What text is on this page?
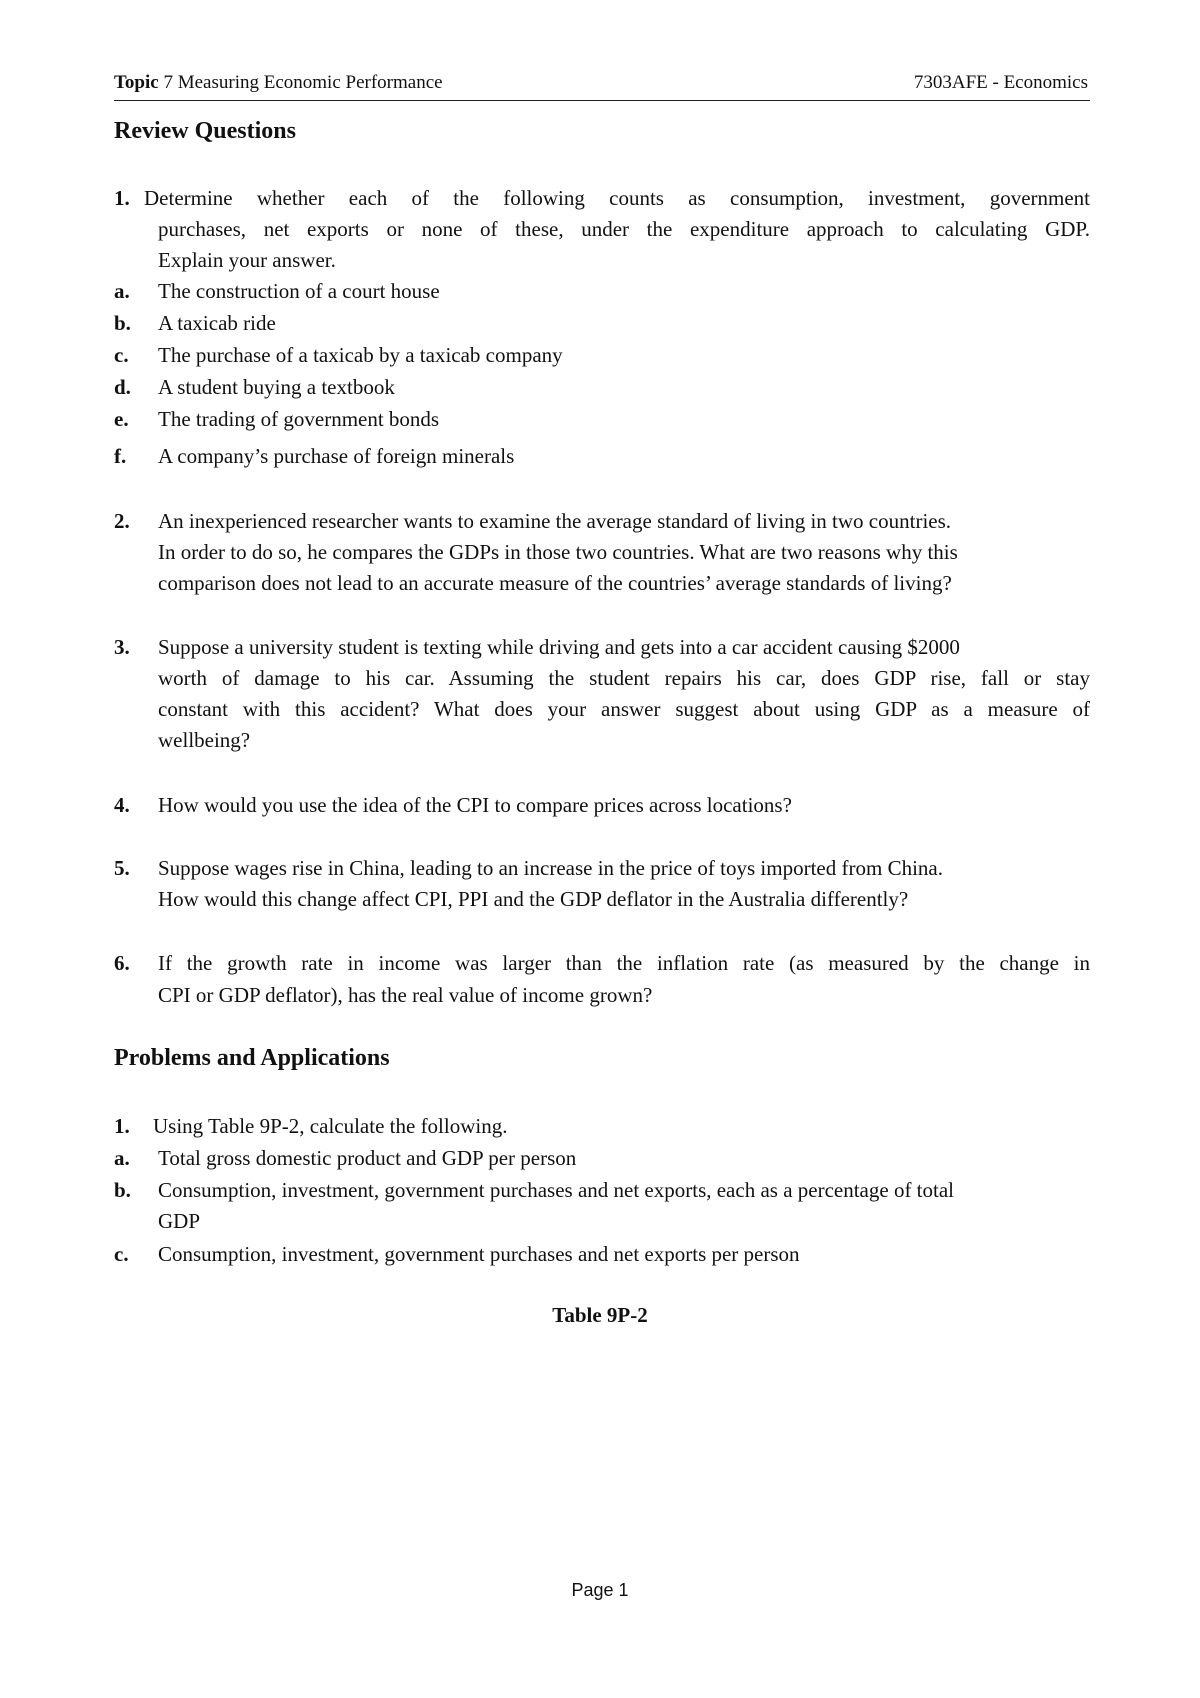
Topic 7 Measuring Economic Performance	7303AFE - Economics
Review Questions
1. Determine whether each of the following counts as consumption, investment, government
purchases, net exports or none of these, under the expenditure approach to calculating GDP.
Explain your answer.
a. The construction of a court house
b. A taxicab ride
c. The purchase of a taxicab by a taxicab company
d. A student buying a textbook
e. The trading of government bonds
f. A company’s purchase of foreign minerals
2. An inexperienced researcher wants to examine the average standard of living in two countries.
In order to do so, he compares the GDPs in those two countries. What are two reasons why this
comparison does not lead to an accurate measure of the countries’ average standards of living?
3. Suppose a university student is texting while driving and gets into a car accident causing $2000
worth of damage to his car. Assuming the student repairs his car, does GDP rise, fall or stay
constant with this accident? What does your answer suggest about using GDP as a measure of
wellbeing?
4. How would you use the idea of the CPI to compare prices across locations?
5. Suppose wages rise in China, leading to an increase in the price of toys imported from China.
How would this change affect CPI, PPI and the GDP deflator in the Australia differently?
6. If the growth rate in income was larger than the inflation rate (as measured by the change in
CPI or GDP deflator), has the real value of income grown?
Problems and Applications
1. Using Table 9P-2, calculate the following.
a. Total gross domestic product and GDP per person
b. Consumption, investment, government purchases and net exports, each as a percentage of total
GDP
c. Consumption, investment, government purchases and net exports per person
Table 9P-2
Page 1
